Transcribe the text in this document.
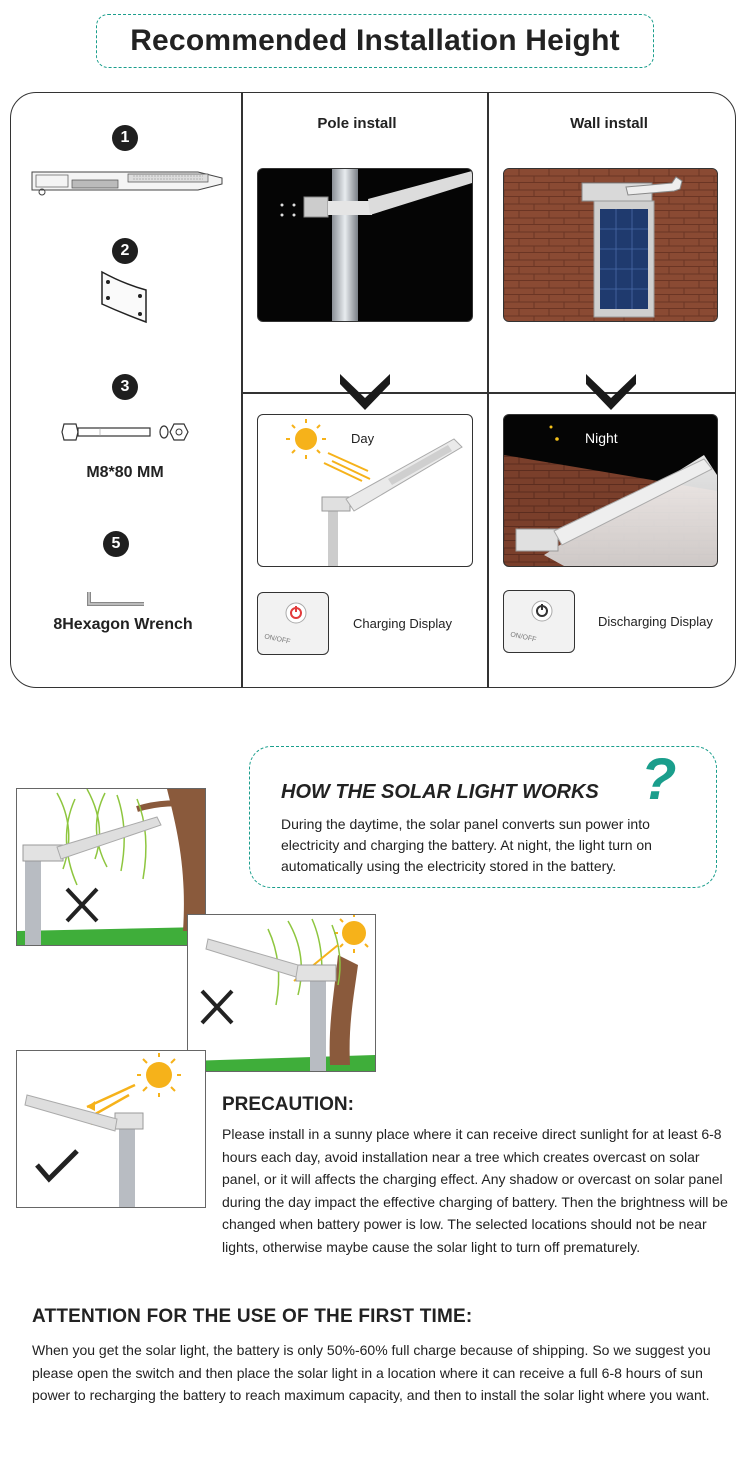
Recommended Installation Height
1
2
3
M8*80 MM
5
8Hexagon Wrench
Pole install
Day
ON/OFF
Charging Display
Wall install
Night
ON/OFF
Discharging Display
HOW THE SOLAR LIGHT WORKS ?
During the daytime, the solar panel converts sun power into electricity and charging the battery. At night, the light turn on automatically using the electricity stored in the battery.
PRECAUTION:
Please install in a sunny place where it can receive direct sunlight for at least 6-8 hours each day, avoid installation near a tree which creates overcast on solar panel, or it will affects the charging effect. Any shadow or overcast on solar panel during the day impact the effective charging of battery. Then the brightness will be changed when battery power is low. The selected locations should not be near lights, otherwise maybe cause the solar light to turn off prematurely.
ATTENTION FOR THE USE OF THE FIRST TIME:
When you get the solar light, the battery is only 50%-60% full charge because of shipping. So we suggest you please open the switch and then place the solar light in a location where it can receive a full 6-8 hours of sun power to recharging the battery to reach maximum capacity, and then to install the solar light where you want.
